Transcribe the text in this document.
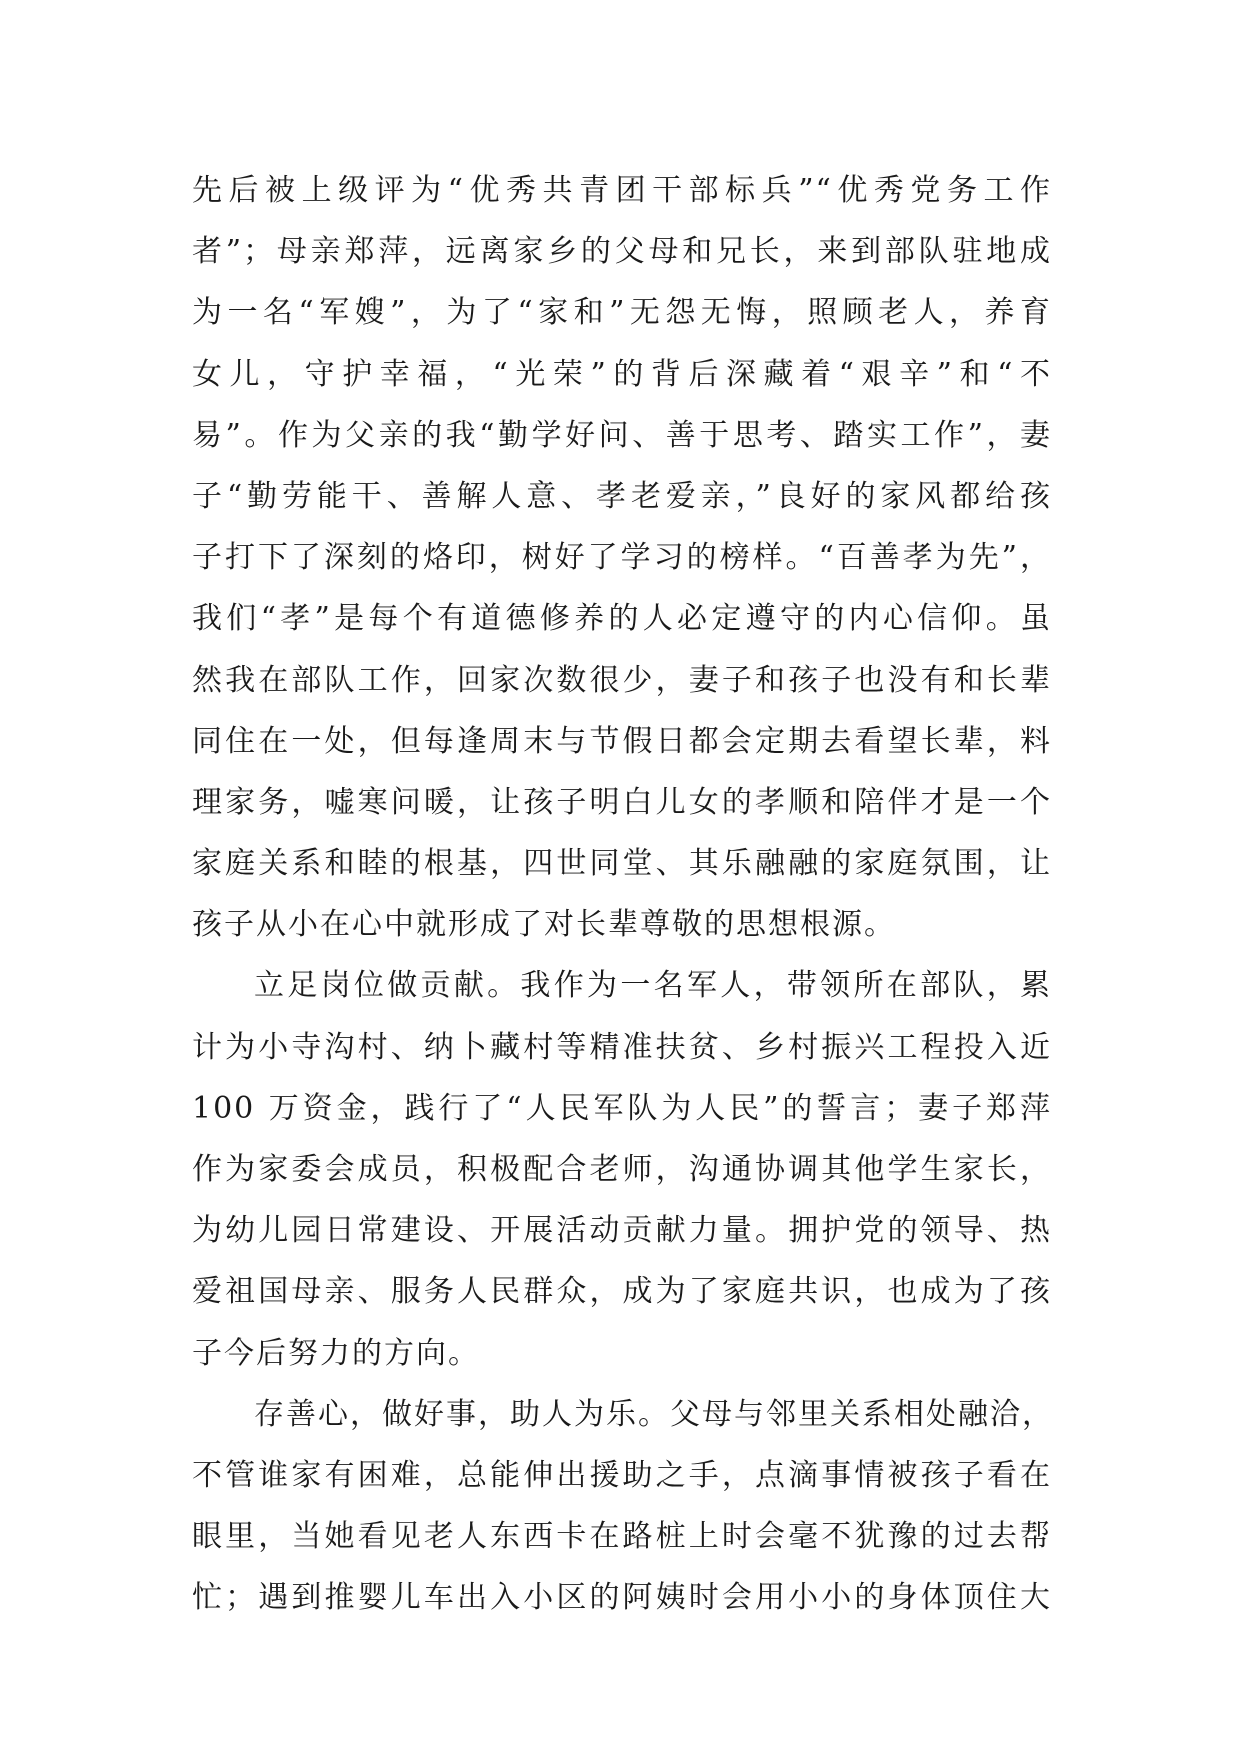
先后被上级评为“优秀共青团干部标兵”“优秀党务工作
者”；母亲郑萍，远离家乡的父母和兄长，来到部队驻地成
为一名“军嫂”，为了“家和”无怨无悔，照顾老人，养育
女儿，守护幸福，“光荣”的背后深藏着“艰辛”和“不
易”。作为父亲的我“勤学好问、善于思考、踏实工作”，妻
子“勤劳能干、善解人意、孝老爱亲，”良好的家风都给孩
子打下了深刻的烙印，树好了学习的榜样。“百善孝为先”，
我们“孝”是每个有道德修养的人必定遵守的内心信仰。虽
然我在部队工作，回家次数很少，妻子和孩子也没有和长辈
同住在一处，但每逢周末与节假日都会定期去看望长辈，料
理家务，嘘寒问暖，让孩子明白儿女的孝顺和陪伴才是一个
家庭关系和睦的根基，四世同堂、其乐融融的家庭氛围，让
孩子从小在心中就形成了对长辈尊敬的思想根源。
立足岗位做贡献。我作为一名军人，带领所在部队，累
计为小寺沟村、纳卜藏村等精准扶贫、乡村振兴工程投入近
100 万资金，践行了“人民军队为人民”的誓言；妻子郑萍
作为家委会成员，积极配合老师，沟通协调其他学生家长，
为幼儿园日常建设、开展活动贡献力量。拥护党的领导、热
爱祖国母亲、服务人民群众，成为了家庭共识，也成为了孩
子今后努力的方向。
存善心，做好事，助人为乐。父母与邻里关系相处融洽，
不管谁家有困难，总能伸出援助之手，点滴事情被孩子看在
眼里，当她看见老人东西卡在路桩上时会毫不犹豫的过去帮
忙；遇到推婴儿车出入小区的阿姨时会用小小的身体顶住大
